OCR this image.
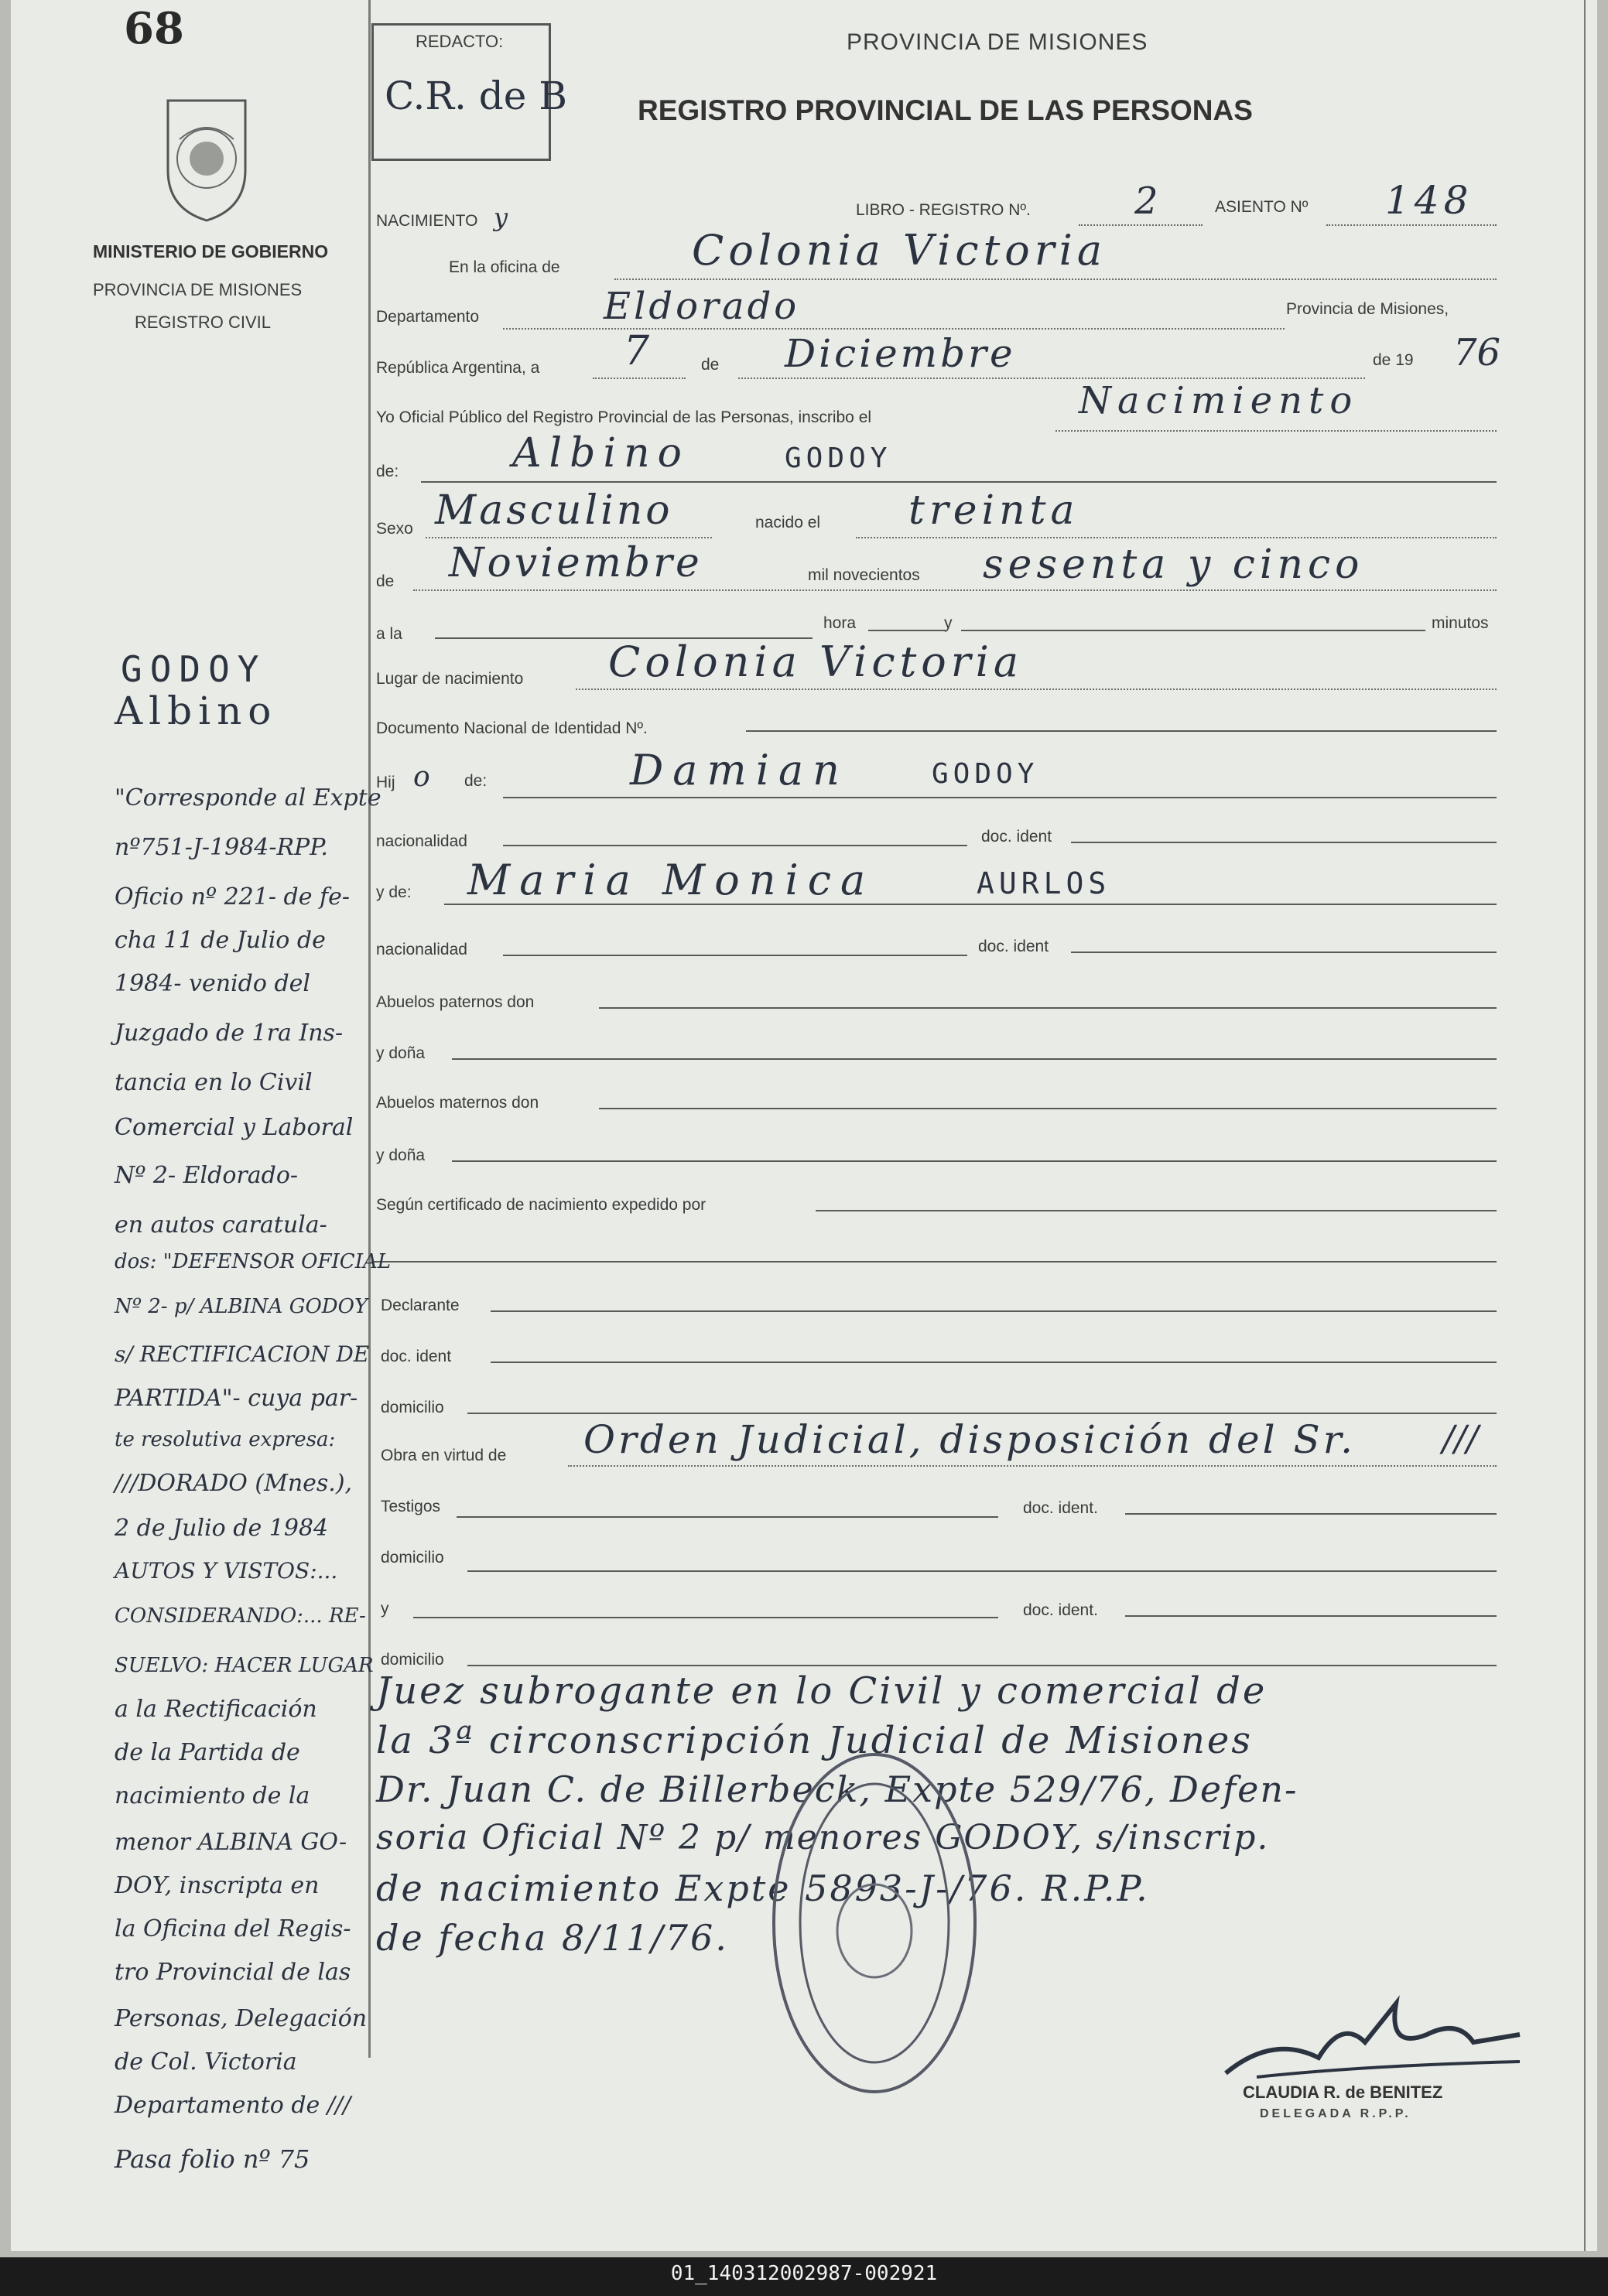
68
MINISTERIO DE GOBIERNO
PROVINCIA DE MISIONES
REGISTRO CIVIL
REDACTO:
C.R. de B
PROVINCIA DE MISIONES
REGISTRO PROVINCIAL DE LAS PERSONAS
NACIMIENTO y	LIBRO - REGISTRO Nº.	2	ASIENTO Nº 148
En la oficina de	Colonia Victoria
Departamento	Eldorado	Provincia de Misiones,
República Argentina, a 7	de Diciembre	de 19 76
Yo Oficial Público del Registro Provincial de las Personas, inscribo el	Nacimiento
de:	Albino	GODOY
Sexo Masculino	nacido el treinta
de Noviembre	mil novecientos sesenta y cinco
a la
hora	y	minutos
Lugar de nacimiento Colonia Victoria
Documento Nacional de Identidad Nº.
Hij o de:	Damian	GODOY
nacionalidad	doc. ident
y de: Maria Monica	AURLOS
nacionalidad	doc. ident
Abuelos paternos don
y doña
Abuelos maternos don
y doña
Según certificado de nacimiento expedido por
Declarante
doc. ident
domicilio
Obra en virtud de Orden Judicial, disposición del Sr. ///
Testigos	doc. ident.
domicilio
y	doc. ident.
domicilio
Juez subrogante en lo Civil y comercial de
la 3ª circonscripción Judicial de Misiones
Dr. Juan C. de Billerbeck, Expte 529/76, Defen-
soria Oficial Nº 2 p/ menores GODOY, s/inscrip.
de nacimiento Expte 5893-J-/76. R.P.P.
de fecha 8/11/76.
CLAUDIA R. de BENITEZ
DELEGADA R.P.P.
GODOY
Albino
"Corresponde al Expte
nº751-J-1984-RPP.
Oficio nº 221- de fe-
cha 11 de Julio de
1984- venido del
Juzgado de 1ra Ins-
tancia en lo Civil
Comercial y Laboral
Nº 2- Eldorado-
en autos caratula-
dos: "DEFENSOR OFICIAL
Nº 2- p/ ALBINA GODOY
s/ RECTIFICACION DE
PARTIDA"- cuya par-
te resolutiva expresa:
///DORADO (Mnes.),
2 de Julio de 1984
AUTOS Y VISTOS:...
CONSIDERANDO:... RE-
SUELVO: HACER LUGAR
a la Rectificación
de la Partida de
nacimiento de la
menor ALBINA GO-
DOY, inscripta en
la Oficina del Regis-
tro Provincial de las
Personas, Delegación
de Col. Victoria
Departamento de ///
Pasa folio nº 75
01_140312002987-002921
